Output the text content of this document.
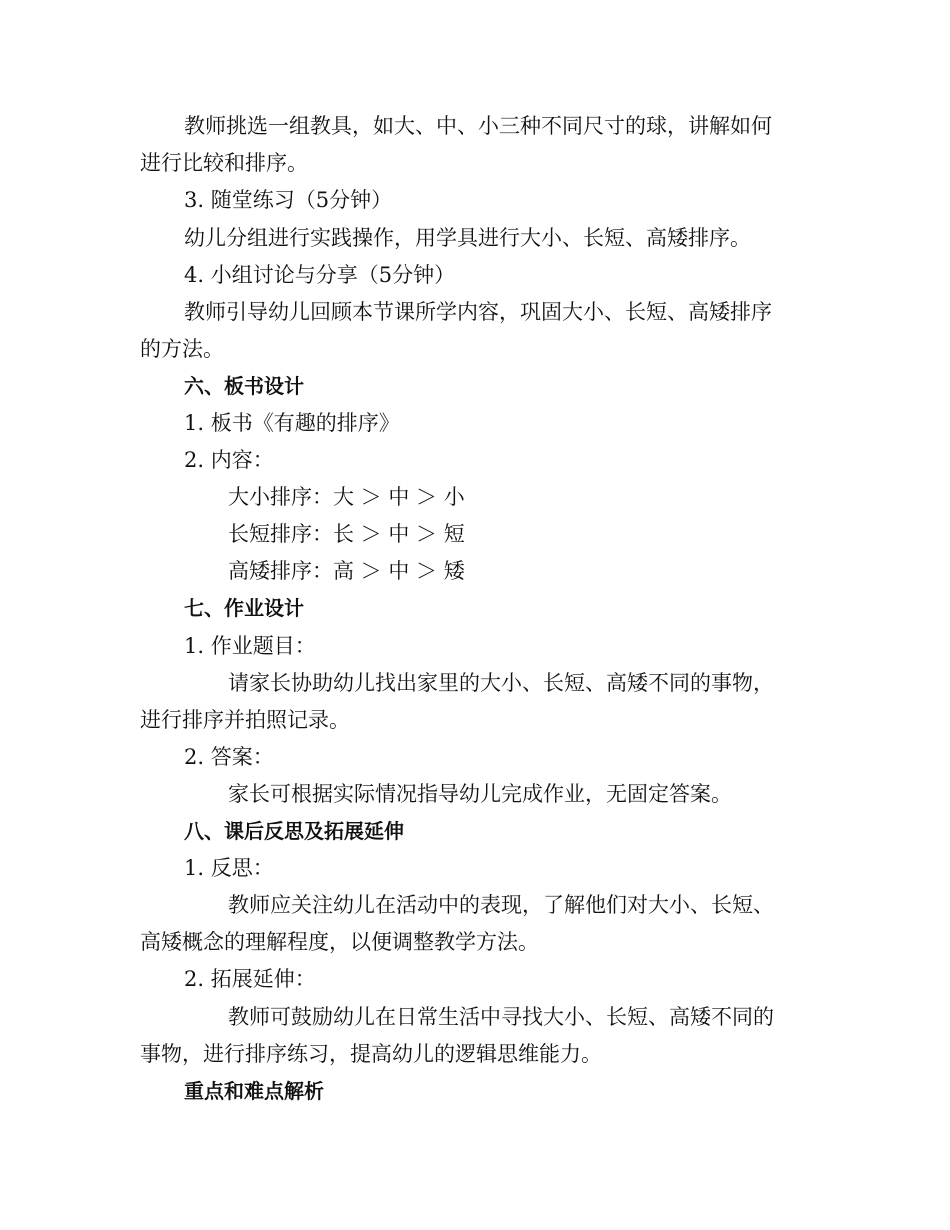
教师挑选一组教具，如大、中、小三种不同尺寸的球，讲解如何
进行比较和排序。
3. 随堂练习（5分钟）
幼儿分组进行实践操作，用学具进行大小、长短、高矮排序。
4. 小组讨论与分享（5分钟）
教师引导幼儿回顾本节课所学内容，巩固大小、长短、高矮排序
的方法。
六、板书设计
1. 板书《有趣的排序》
2. 内容：
大小排序：大 ＞ 中 ＞ 小
长短排序：长 ＞ 中 ＞ 短
高矮排序：高 ＞ 中 ＞ 矮
七、作业设计
1. 作业题目：
请家长协助幼儿找出家里的大小、长短、高矮不同的事物，
进行排序并拍照记录。
2. 答案：
家长可根据实际情况指导幼儿完成作业，无固定答案。
八、课后反思及拓展延伸
1. 反思：
教师应关注幼儿在活动中的表现，了解他们对大小、长短、
高矮概念的理解程度，以便调整教学方法。
2. 拓展延伸：
教师可鼓励幼儿在日常生活中寻找大小、长短、高矮不同的
事物，进行排序练习，提高幼儿的逻辑思维能力。
重点和难点解析
